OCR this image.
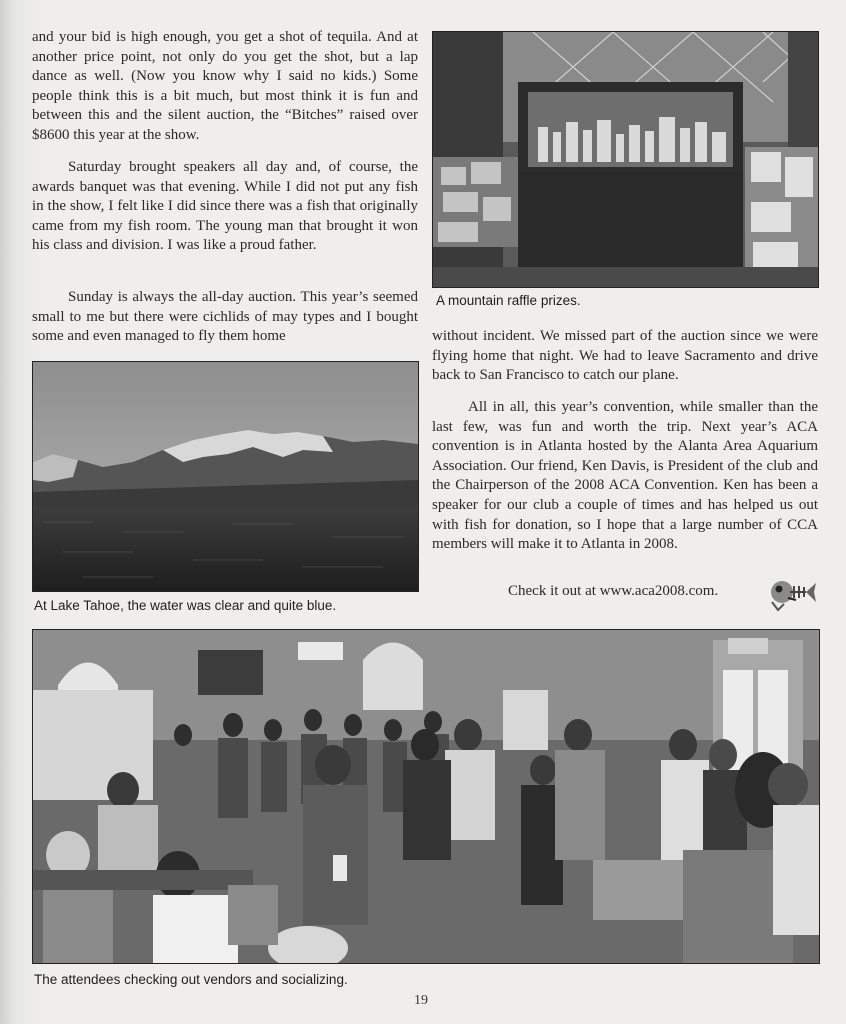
and your bid is high enough, you get a shot of tequila. And at another price point, not only do you get the shot, but a lap dance as well. (Now you know why I said no kids.) Some people think this is a bit much, but most think it is fun and between this and the silent auction, the “Bitches” raised over $8600 this year at the show.

Saturday brought speakers all day and, of course, the awards banquet was that evening. While I did not put any fish in the show, I felt like I did since there was a fish that originally came from my fish room. The young man that brought it won his class and division. I was like a proud father.

Sunday is always the all-day auction. This year’s seemed small to me but there were cichlids of may types and I bought some and even managed to fly them home

A mountain raffle prizes.

without incident. We missed part of the auction since we were flying home that night. We had to leave Sacramento and drive back to San Francisco to catch our plane.

All in all, this year’s convention, while smaller than the last few, was fun and worth the trip. Next year’s ACA convention is in Atlanta hosted by the Alanta Area Aquarium Association. Our friend, Ken Davis, is President of the club and the Chairperson of the 2008 ACA Convention. Ken has been a speaker for our club a couple of times and has helped us out with fish for donation, so I hope that a large number of CCA members will make it to Atlanta in 2008.

Check it out at www.aca2008.com.

At Lake Tahoe, the water was clear and quite blue.

The attendees checking out vendors and socializing.

19
